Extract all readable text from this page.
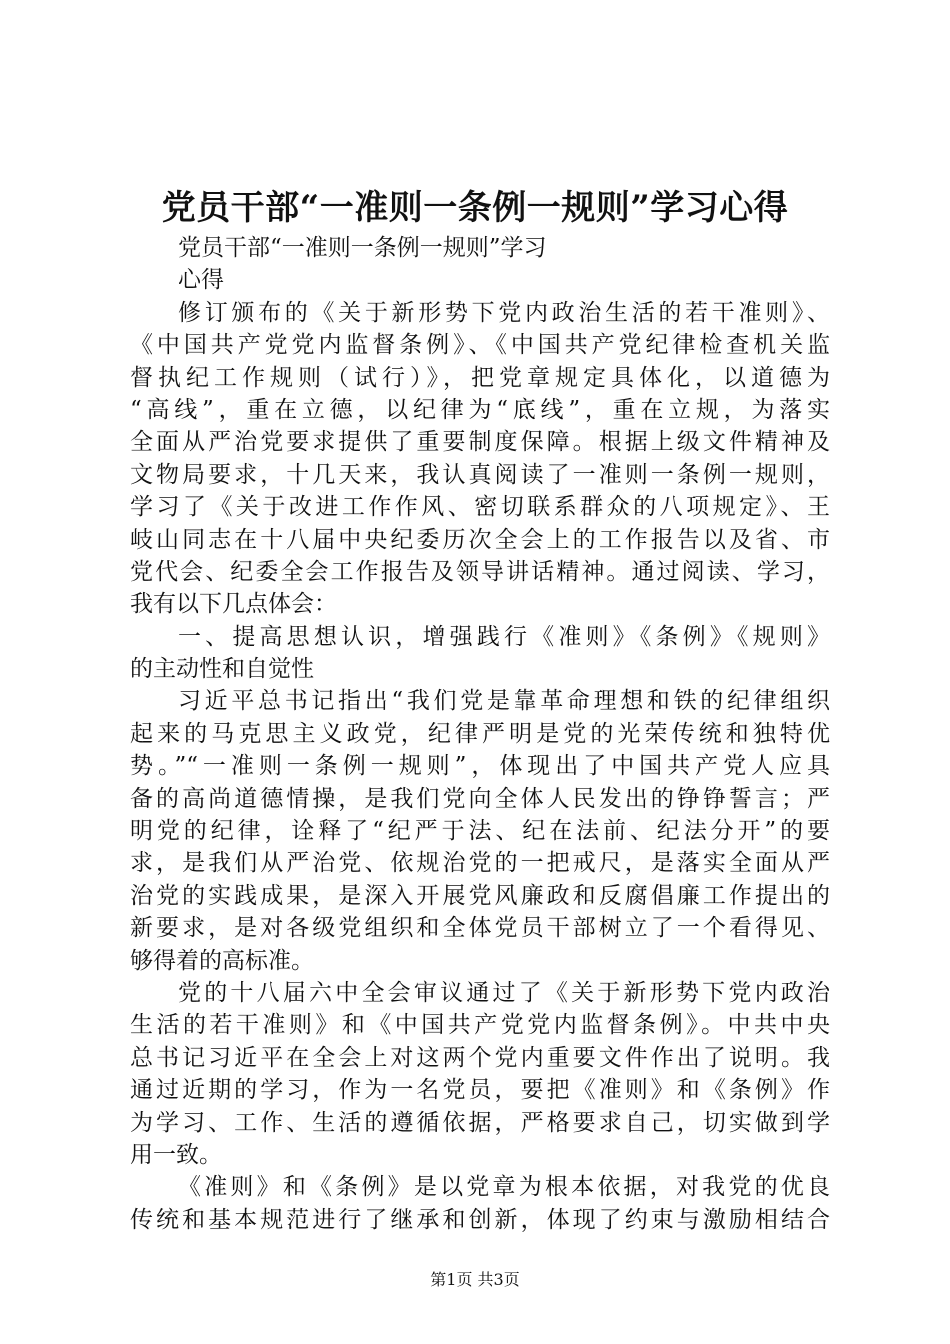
党员干部“一准则一条例一规则”学习心得
党员干部“一准则一条例一规则”学习
心得
修订颁布的《关于新形势下党内政治生活的若干准则》、
《中国共产党党内监督条例》、《中国共产党纪律检查机关监
督执纪工作规则（试行）》，把党章规定具体化，以道德为
“高线”，重在立德，以纪律为“底线”，重在立规，为落实
全面从严治党要求提供了重要制度保障。根据上级文件精神及
文物局要求，十几天来，我认真阅读了一准则一条例一规则，
学习了《关于改进工作作风、密切联系群众的八项规定》、王
岐山同志在十八届中央纪委历次全会上的工作报告以及省、市
党代会、纪委全会工作报告及领导讲话精神。通过阅读、学习，
我有以下几点体会：
一、提高思想认识，增强践行《准则》《条例》《规则》
的主动性和自觉性
习近平总书记指出“我们党是靠革命理想和铁的纪律组织
起来的马克思主义政党，纪律严明是党的光荣传统和独特优
势。”“一准则一条例一规则”，体现出了中国共产党人应具
备的高尚道德情操，是我们党向全体人民发出的铮铮誓言；严
明党的纪律，诠释了“纪严于法、纪在法前、纪法分开”的要
求，是我们从严治党、依规治党的一把戒尺，是落实全面从严
治党的实践成果，是深入开展党风廉政和反腐倡廉工作提出的
新要求，是对各级党组织和全体党员干部树立了一个看得见、
够得着的高标准。
党的十八届六中全会审议通过了《关于新形势下党内政治
生活的若干准则》和《中国共产党党内监督条例》。中共中央
总书记习近平在全会上对这两个党内重要文件作出了说明。我
通过近期的学习，作为一名党员，要把《准则》和《条例》作
为学习、工作、生活的遵循依据，严格要求自己，切实做到学
用一致。
《准则》和《条例》是以党章为根本依据，对我党的优良
传统和基本规范进行了继承和创新，体现了约束与激励相结合
第1页 共3页
